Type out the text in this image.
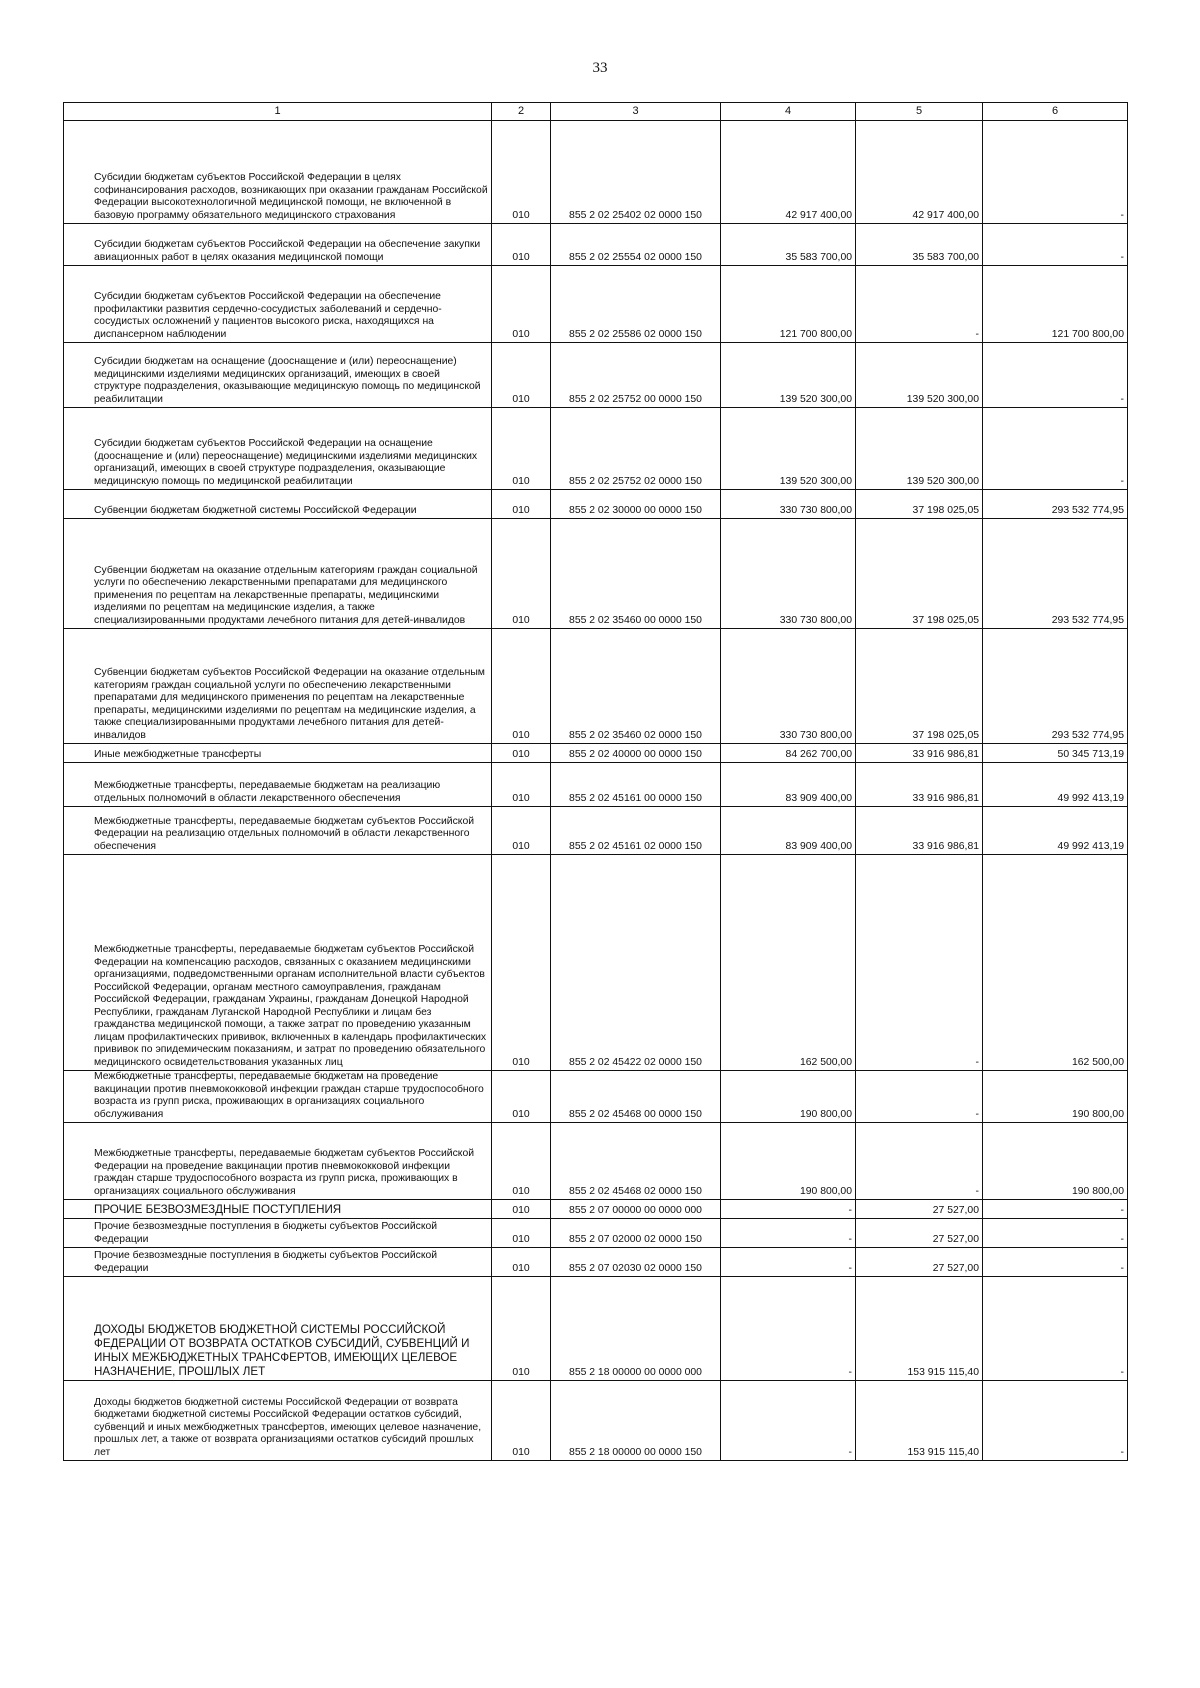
33
1	2	3	4	5	6
Субсидии бюджетам субъектов Российской Федерации в целях софинансирования расходов, возникающих при оказании гражданам Российской Федерации высокотехнологичной медицинской помощи, не включенной в базовую программу обязательного медицинского страхования	010	855 2 02 25402 02 0000 150	42 917 400,00	42 917 400,00	-
Субсидии бюджетам субъектов Российской Федерации на обеспечение закупки авиационных работ в целях оказания медицинской помощи	010	855 2 02 25554 02 0000 150	35 583 700,00	35 583 700,00	-
Субсидии бюджетам субъектов Российской Федерации на обеспечение профилактики развития сердечно-сосудистых заболеваний и сердечно-сосудистых осложнений у пациентов высокого риска, находящихся на диспансерном наблюдении	010	855 2 02 25586 02 0000 150	121 700 800,00	-	121 700 800,00
Субсидии бюджетам на оснащение (дооснащение и (или) переоснащение) медицинскими изделиями медицинских организаций, имеющих в своей структуре подразделения, оказывающие медицинскую помощь по медицинской реабилитации	010	855 2 02 25752 00 0000 150	139 520 300,00	139 520 300,00	-
Субсидии бюджетам субъектов Российской Федерации на оснащение (дооснащение и (или) переоснащение) медицинскими изделиями медицинских организаций, имеющих в своей структуре подразделения, оказывающие медицинскую помощь по медицинской реабилитации	010	855 2 02 25752 02 0000 150	139 520 300,00	139 520 300,00	-
Субвенции бюджетам бюджетной системы Российской Федерации	010	855 2 02 30000 00 0000 150	330 730 800,00	37 198 025,05	293 532 774,95
Субвенции бюджетам на оказание отдельным категориям граждан социальной услуги по обеспечению лекарственными препаратами для медицинского применения по рецептам на лекарственные препараты, медицинскими изделиями по рецептам на медицинские изделия, а также специализированными продуктами лечебного питания для детей-инвалидов	010	855 2 02 35460 00 0000 150	330 730 800,00	37 198 025,05	293 532 774,95
Субвенции бюджетам субъектов Российской Федерации на оказание отдельным категориям граждан социальной услуги по обеспечению лекарственными препаратами для медицинского применения по рецептам на лекарственные препараты, медицинскими изделиями по рецептам на медицинские изделия, а также специализированными продуктами лечебного питания для детей-инвалидов	010	855 2 02 35460 02 0000 150	330 730 800,00	37 198 025,05	293 532 774,95
Иные межбюджетные трансферты	010	855 2 02 40000 00 0000 150	84 262 700,00	33 916 986,81	50 345 713,19
Межбюджетные трансферты, передаваемые бюджетам на реализацию отдельных полномочий в области лекарственного обеспечения	010	855 2 02 45161 00 0000 150	83 909 400,00	33 916 986,81	49 992 413,19
Межбюджетные трансферты, передаваемые бюджетам субъектов Российской Федерации на реализацию отдельных полномочий в области лекарственного обеспечения	010	855 2 02 45161 02 0000 150	83 909 400,00	33 916 986,81	49 992 413,19
Межбюджетные трансферты, передаваемые бюджетам субъектов Российской Федерации на компенсацию расходов, связанных с оказанием медицинскими организациями, подведомственными органам исполнительной власти субъектов Российской Федерации, органам местного самоуправления, гражданам Российской Федерации, гражданам Украины, гражданам Донецкой Народной Республики, гражданам Луганской Народной Республики и лицам без гражданства медицинской помощи, а также затрат по проведению указанным лицам профилактических прививок, включенных в календарь профилактических прививок по эпидемическим показаниям, и затрат по проведению обязательного медицинского освидетельствования указанных лиц	010	855 2 02 45422 02 0000 150	162 500,00	-	162 500,00
Межбюджетные трансферты, передаваемые бюджетам на проведение вакцинации против пневмококковой инфекции граждан старше трудоспособного возраста из групп риска, проживающих в организациях социального обслуживания	010	855 2 02 45468 00 0000 150	190 800,00	-	190 800,00
Межбюджетные трансферты, передаваемые бюджетам субъектов Российской Федерации на проведение вакцинации против пневмококковой инфекции граждан старше трудоспособного возраста из групп риска, проживающих в организациях социального обслуживания	010	855 2 02 45468 02 0000 150	190 800,00	-	190 800,00
ПРОЧИЕ БЕЗВОЗМЕЗДНЫЕ ПОСТУПЛЕНИЯ	010	855 2 07 00000 00 0000 000	-	27 527,00	-
Прочие безвозмездные поступления в бюджеты субъектов Российской Федерации	010	855 2 07 02000 02 0000 150	-	27 527,00	-
Прочие безвозмездные поступления в бюджеты субъектов Российской Федерации	010	855 2 07 02030 02 0000 150	-	27 527,00	-
ДОХОДЫ БЮДЖЕТОВ БЮДЖЕТНОЙ СИСТЕМЫ РОССИЙСКОЙ ФЕДЕРАЦИИ ОТ ВОЗВРАТА ОСТАТКОВ СУБСИДИЙ, СУБВЕНЦИЙ И ИНЫХ МЕЖБЮДЖЕТНЫХ ТРАНСФЕРТОВ, ИМЕЮЩИХ ЦЕЛЕВОЕ НАЗНАЧЕНИЕ, ПРОШЛЫХ ЛЕТ	010	855 2 18 00000 00 0000 000	-	153 915 115,40	-
Доходы бюджетов бюджетной системы Российской Федерации от возврата бюджетами бюджетной системы Российской Федерации остатков субсидий, субвенций и иных межбюджетных трансфертов, имеющих целевое назначение, прошлых лет, а также от возврата организациями остатков субсидий прошлых лет	010	855 2 18 00000 00 0000 150	-	153 915 115,40	-
